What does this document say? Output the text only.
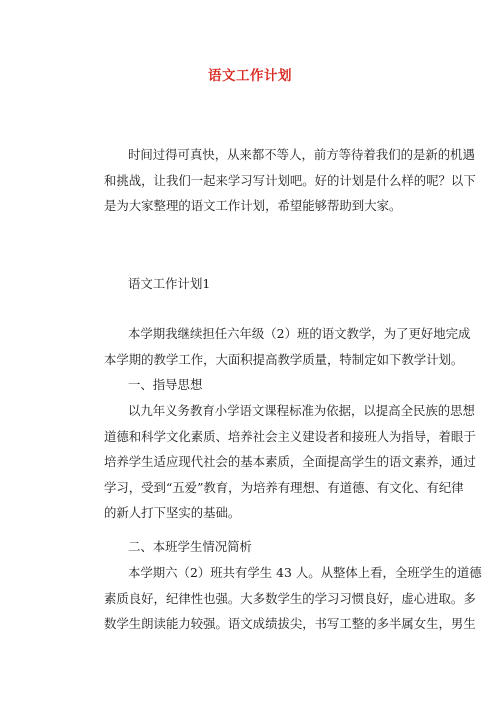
语文工作计划

时间过得可真快，从来都不等人，前方等待着我们的是新的机遇
和挑战，让我们一起来学习写计划吧。好的计划是什么样的呢？以下
是为大家整理的语文工作计划，希望能够帮助到大家。

语文工作计划1

本学期我继续担任六年级（2）班的语文教学，为了更好地完成
本学期的教学工作，大面积提高教学质量，特制定如下教学计划。

一、指导思想

以九年义务教育小学语文课程标准为依据，以提高全民族的思想
道德和科学文化素质、培养社会主义建设者和接班人为指导，着眼于
培养学生适应现代社会的基本素质，全面提高学生的语文素养，通过
学习，受到“五爱”教育，为培养有理想、有道德、有文化、有纪律
的新人打下坚实的基础。

二、本班学生情况简析

本学期六（2）班共有学生 43 人。从整体上看，全班学生的道德
素质良好，纪律性也强。大多数学生的学习习惯良好，虚心进取。多
数学生朗读能力较强。语文成绩拔尖，书写工整的多半属女生，男生
